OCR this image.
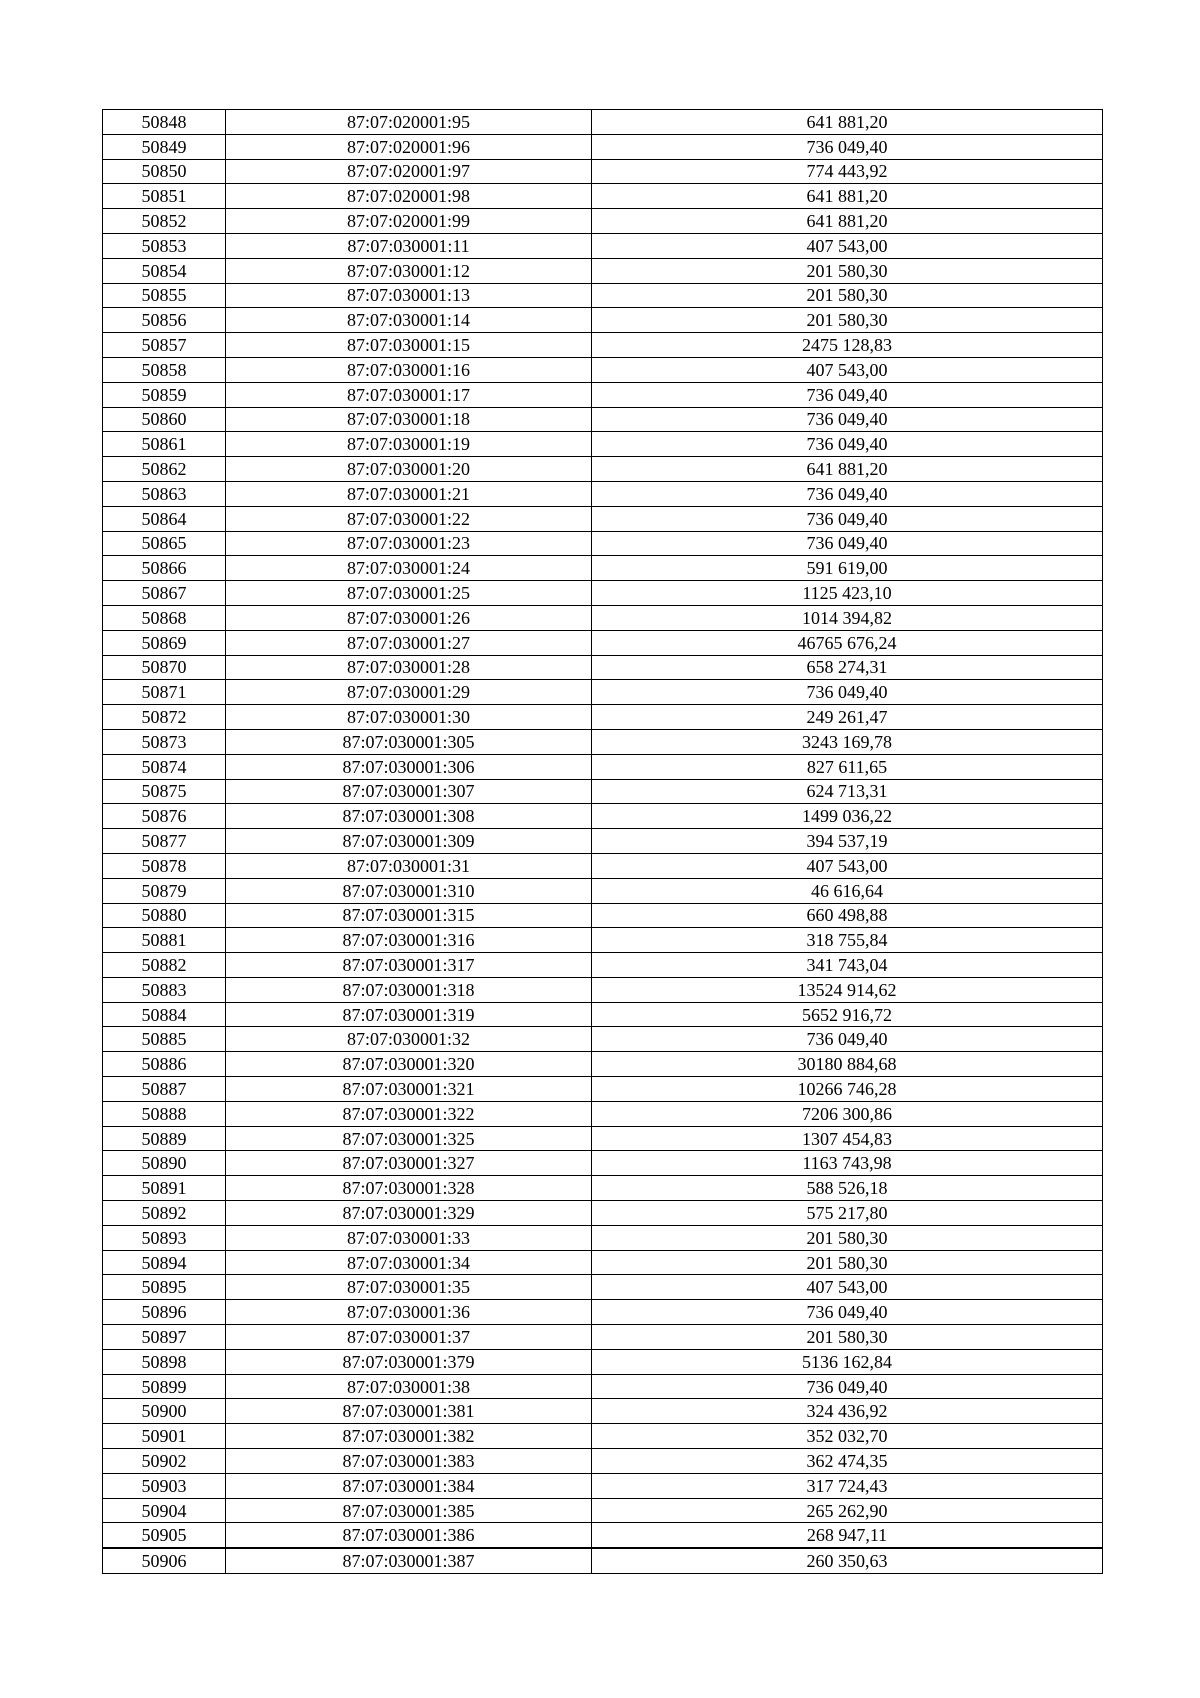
50848	87:07:020001:95	641 881,20
50849	87:07:020001:96	736 049,40
50850	87:07:020001:97	774 443,92
50851	87:07:020001:98	641 881,20
50852	87:07:020001:99	641 881,20
50853	87:07:030001:11	407 543,00
50854	87:07:030001:12	201 580,30
50855	87:07:030001:13	201 580,30
50856	87:07:030001:14	201 580,30
50857	87:07:030001:15	2475 128,83
50858	87:07:030001:16	407 543,00
50859	87:07:030001:17	736 049,40
50860	87:07:030001:18	736 049,40
50861	87:07:030001:19	736 049,40
50862	87:07:030001:20	641 881,20
50863	87:07:030001:21	736 049,40
50864	87:07:030001:22	736 049,40
50865	87:07:030001:23	736 049,40
50866	87:07:030001:24	591 619,00
50867	87:07:030001:25	1125 423,10
50868	87:07:030001:26	1014 394,82
50869	87:07:030001:27	46765 676,24
50870	87:07:030001:28	658 274,31
50871	87:07:030001:29	736 049,40
50872	87:07:030001:30	249 261,47
50873	87:07:030001:305	3243 169,78
50874	87:07:030001:306	827 611,65
50875	87:07:030001:307	624 713,31
50876	87:07:030001:308	1499 036,22
50877	87:07:030001:309	394 537,19
50878	87:07:030001:31	407 543,00
50879	87:07:030001:310	46 616,64
50880	87:07:030001:315	660 498,88
50881	87:07:030001:316	318 755,84
50882	87:07:030001:317	341 743,04
50883	87:07:030001:318	13524 914,62
50884	87:07:030001:319	5652 916,72
50885	87:07:030001:32	736 049,40
50886	87:07:030001:320	30180 884,68
50887	87:07:030001:321	10266 746,28
50888	87:07:030001:322	7206 300,86
50889	87:07:030001:325	1307 454,83
50890	87:07:030001:327	1163 743,98
50891	87:07:030001:328	588 526,18
50892	87:07:030001:329	575 217,80
50893	87:07:030001:33	201 580,30
50894	87:07:030001:34	201 580,30
50895	87:07:030001:35	407 543,00
50896	87:07:030001:36	736 049,40
50897	87:07:030001:37	201 580,30
50898	87:07:030001:379	5136 162,84
50899	87:07:030001:38	736 049,40
50900	87:07:030001:381	324 436,92
50901	87:07:030001:382	352 032,70
50902	87:07:030001:383	362 474,35
50903	87:07:030001:384	317 724,43
50904	87:07:030001:385	265 262,90
50905	87:07:030001:386	268 947,11
50906	87:07:030001:387	260 350,63
